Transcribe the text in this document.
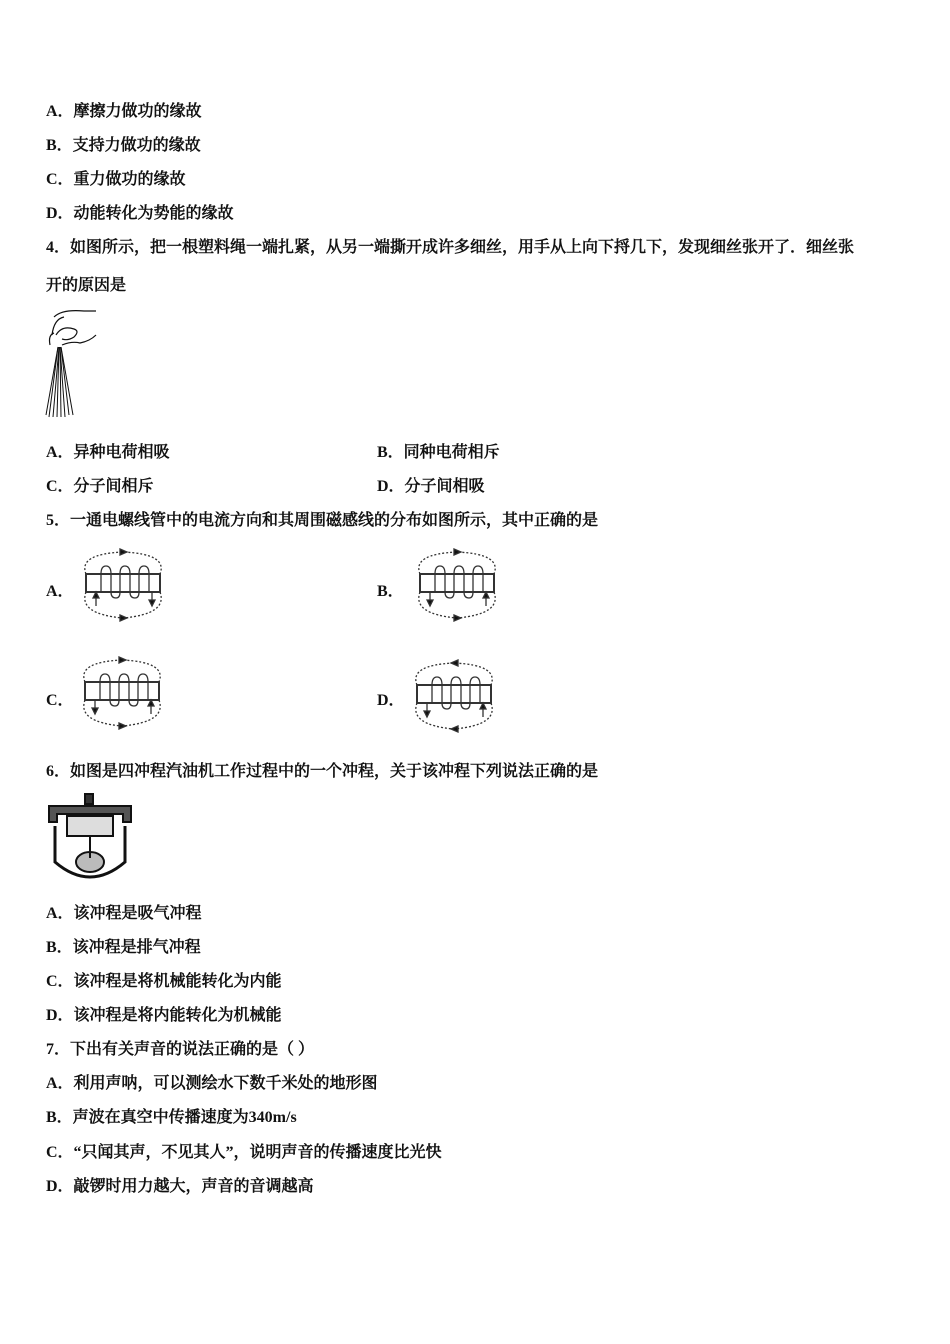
A．摩擦力做功的缘故
B．支持力做功的缘故
C．重力做功的缘故
D．动能转化为势能的缘故
4．如图所示，把一根塑料绳一端扎紧，从另一端撕开成许多细丝，用手从上向下捋几下，发现细丝张开了．细丝张
开的原因是
A．异种电荷相吸	B．同种电荷相斥
C．分子间相斥	D．分子间相吸
5．一通电螺线管中的电流方向和其周围磁感线的分布如图所示，其中正确的是
A．	B．
C．	D．
6．如图是四冲程汽油机工作过程中的一个冲程，关于该冲程下列说法正确的是
A．该冲程是吸气冲程
B．该冲程是排气冲程
C．该冲程是将机械能转化为内能
D．该冲程是将内能转化为机械能
7．下出有关声音的说法正确的是（ ）
A．利用声呐，可以测绘水下数千米处的地形图
B．声波在真空中传播速度为340m/s
C．“只闻其声，不见其人”，说明声音的传播速度比光快
D．敲锣时用力越大，声音的音调越高
